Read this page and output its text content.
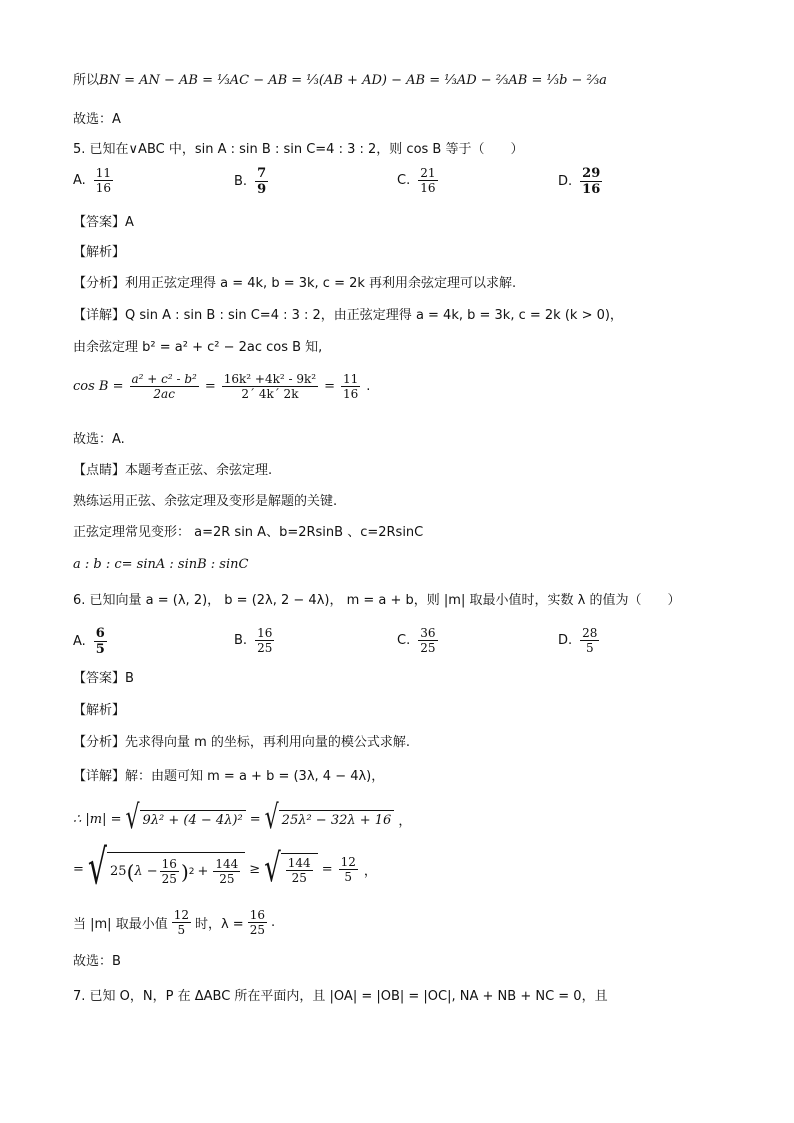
所以BN = AN − AB = ⅓AC − AB = ⅓(AB + AD) − AB = ⅓AD − ⅔AB = ⅓b − ⅔a
故选：A
5. 已知在∨ABC 中，sin A : sin B : sin C=4 : 3 : 2，则 cos B 等于（　　）
A. $\frac{11}{16}$	B. $\frac{7}{9}$	C. $\frac{21}{16}$	D. $\frac{29}{16}$
【答案】A
【解析】
【分析】利用正弦定理得 a = 4k, b = 3k, c = 2k 再利用余弦定理可以求解.
【详解】Q sin A : sin B : sin C=4 : 3 : 2，由正弦定理得 a = 4k, b = 3k, c = 2k (k > 0)，
由余弦定理 b² = a² + c² − 2ac cos B 知,
$\cos B = \frac{\text{a² + c² - b²}}{2ac} = \frac{\text{16k² +4k² - 9k²}}{\text{2ˊ 4kˊ 2k}} = \frac{11}{16}$ .
故选：A.
【点睛】本题考查正弦、余弦定理.
熟练运用正弦、余弦定理及变形是解题的关键.
正弦定理常见变形： a=2R sin A、b=2RsinB 、c=2RsinC
a : b : c= sinA : sinB : sinC
6. 已知向量 a = (λ, 2)， b = (2λ, 2 − 4λ)， m = a + b，则 |m| 取最小值时，实数 λ 的值为（　　）
A. $\frac{6}{5}$	B. $\frac{16}{25}$	C. $\frac{36}{25}$	D. $\frac{28}{5}$
【答案】B
【解析】
【分析】先求得向量 m 的坐标，再利用向量的模公式求解.
【详解】解：由题可知 m = a + b = (3λ, 4 − 4λ)，
∴ |m| = √ 9λ² + (4 − 4λ)² = √ 25λ² − 32λ + 16 ，
= √ 25 ( $\lambda - \frac{16}{25}$ ) $2 + \frac{144}{25}$ ≥ √ $\frac{144}{25} = \frac{12}{5}$ ，
当 |m| 取最小值 $\frac{12}{5}$ 时，$\lambda = \frac{16}{25}$ .
故选：B
7. 已知 O，N，P 在 ΔABC 所在平面内，且 |OA| = |OB| = |OC|, NA + NB + NC = 0，且
